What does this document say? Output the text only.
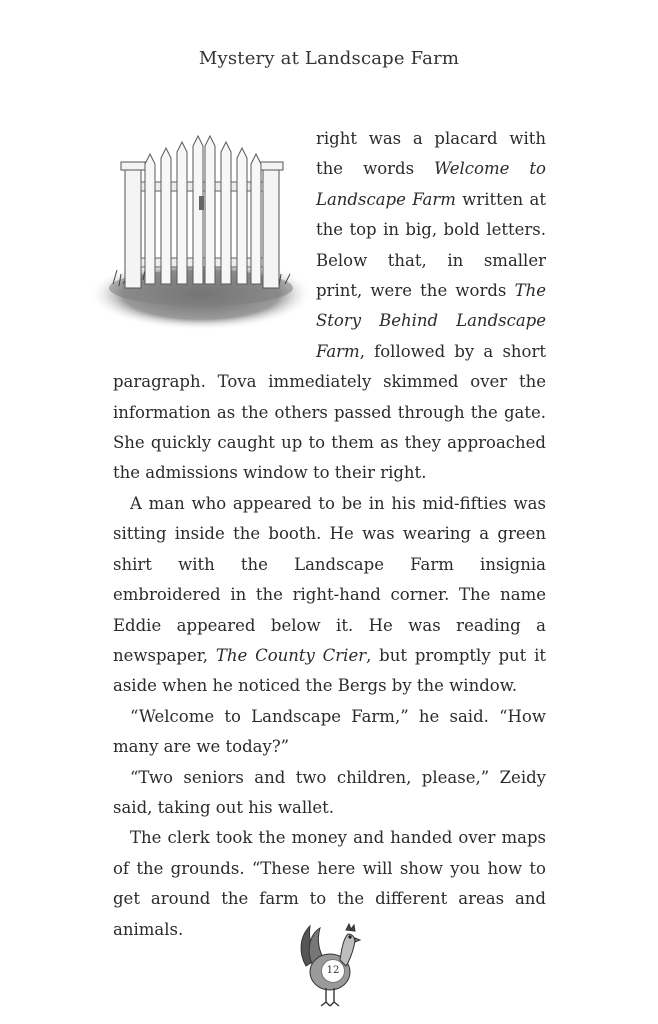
Mystery at Landscape Farm

right was a placard with the words Welcome to Landscape Farm written at the top in big, bold letters. Below that, in smaller print, were the words The Story Behind Landscape Farm, followed by a short paragraph. Tova immediately skimmed over the information as the others passed through the gate. She quickly caught up to them as they approached the admissions window to their right.

A man who appeared to be in his mid-fifties was sitting inside the booth. He was wearing a green shirt with the Landscape Farm insignia embroidered in the right-hand corner. The name Eddie appeared below it. He was reading a newspaper, The County Crier, but promptly put it aside when he noticed the Bergs by the window.

“Welcome to Landscape Farm,” he said. “How many are we today?”

“Two seniors and two children, please,” Zeidy said, taking out his wallet.

The clerk took the money and handed over maps of the grounds. “These here will show you how to get around the farm to the different areas and animals.

12
